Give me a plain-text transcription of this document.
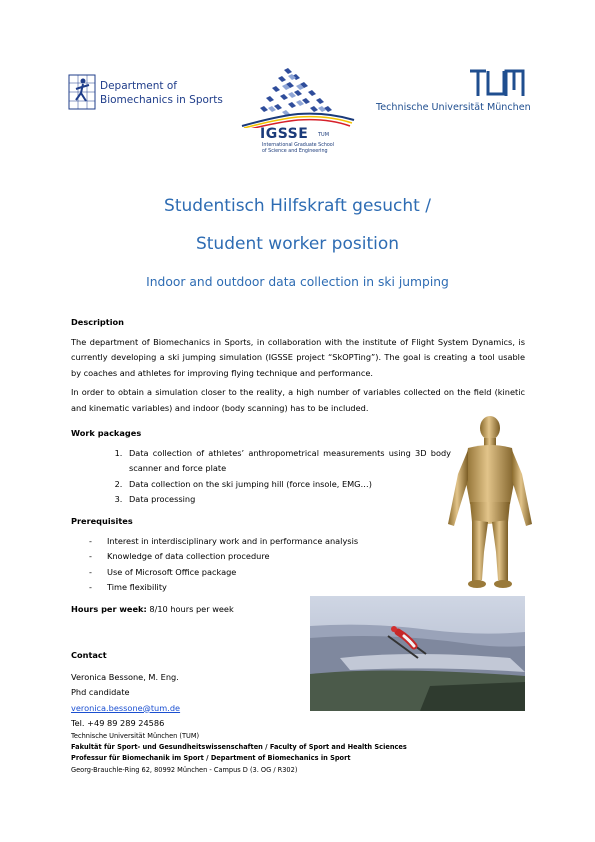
Department of
Biomechanics in Sports
IGSSE TUM
International Graduate School
of Science and Engineering
Technische Universität München
Studentisch Hilfskraft gesucht /
Student worker position
Indoor and outdoor data collection in ski jumping
Description
The department of Biomechanics in Sports, in collaboration with the institute of Flight System Dynamics, is currently developing a ski jumping simulation (IGSSE project “SkOPTing”). The goal is creating a tool usable by coaches and athletes for improving flying technique and performance.
In order to obtain a simulation closer to the reality, a high number of variables collected on the field (kinetic and kinematic variables) and indoor (body scanning) has to be included.
Work packages
1. Data collection of athletes’ anthropometrical measurements using 3D body scanner and force plate
2. Data collection on the ski jumping hill (force insole, EMG…)
3. Data processing
Prerequisites
- Interest in interdisciplinary work and in performance analysis
- Knowledge of data collection procedure
- Use of Microsoft Office package
- Time flexibility
Hours per week: 8/10 hours per week
Contact
Veronica Bessone, M. Eng.
Phd candidate
veronica.bessone@tum.de
Tel. +49 89 289 24586
Technische Universität München (TUM)
Fakultät für Sport- und Gesundheitswissenschaften / Faculty of Sport and Health Sciences
Professur für Biomechanik im Sport / Department of Biomechanics in Sport
Georg-Brauchle-Ring 62, 80992 München - Campus D (3. OG / R302)
